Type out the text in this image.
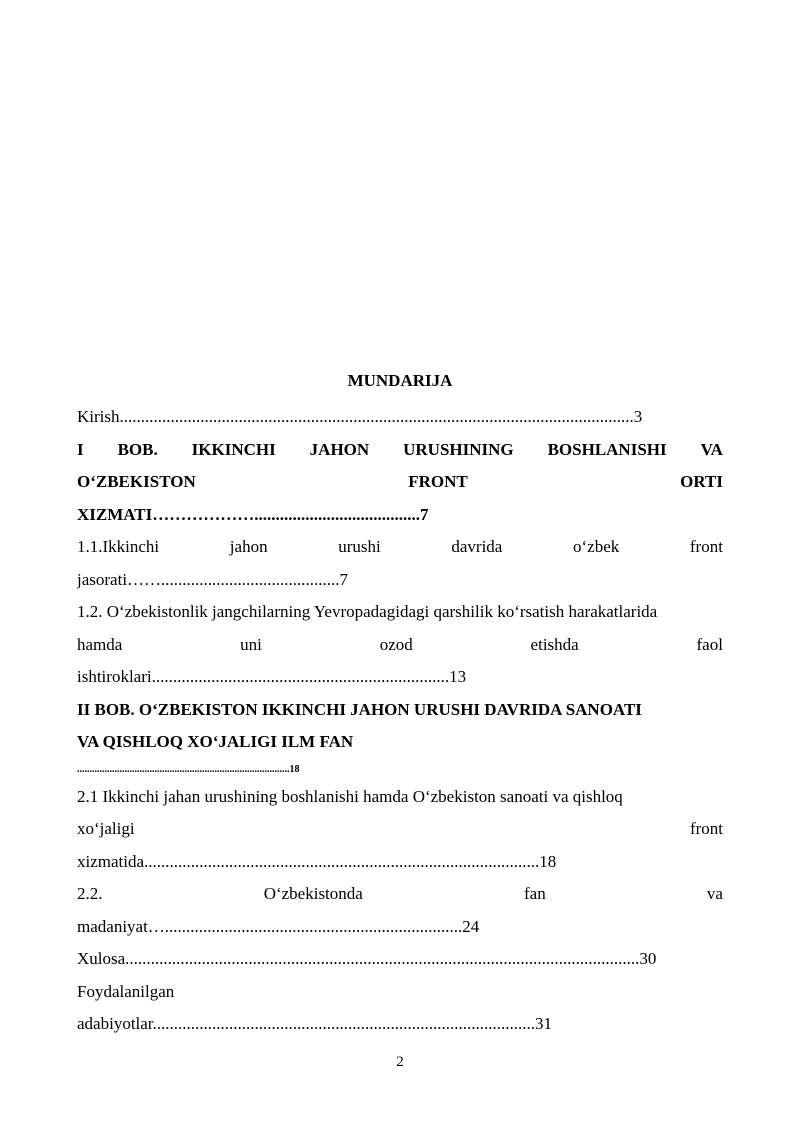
MUNDARIJA
Kirish.........................................................................................................................3
I BOB. IKKINCHI JAHON URUSHINING BOSHLANISHI VA
O‘ZBEKISTON	FRONT	ORTI
XIZMATI……………….......................................7
1.1.Ikkinchi	jahon	urushi	davrida	o‘zbek	front
jasorati……..........................................7
1.2. O‘zbekistonlik jangchilarning Yevropadagidagi qarshilik ko‘rsatish harakatlarida
hamda	uni	ozod	etishda	faol
ishtiroklari......................................................................13
II BOB. O‘ZBEKISTON IKKINCHI JAHON URUSHI DAVRIDA SANOATI
VA QISHLOQ XO‘JALIGI ILM FAN
.....................................................................................18
2.1 Ikkinchi jahan urushining boshlanishi hamda O‘zbekiston sanoati va qishloq
xo‘jaligi	front
xizmatida.............................................................................................18
2.2.	O‘zbekistonda	fan	va
madaniyat…......................................................................24
Xulosa.........................................................................................................................30
Foydalanilgan
adabiyotlar..........................................................................................31
2
